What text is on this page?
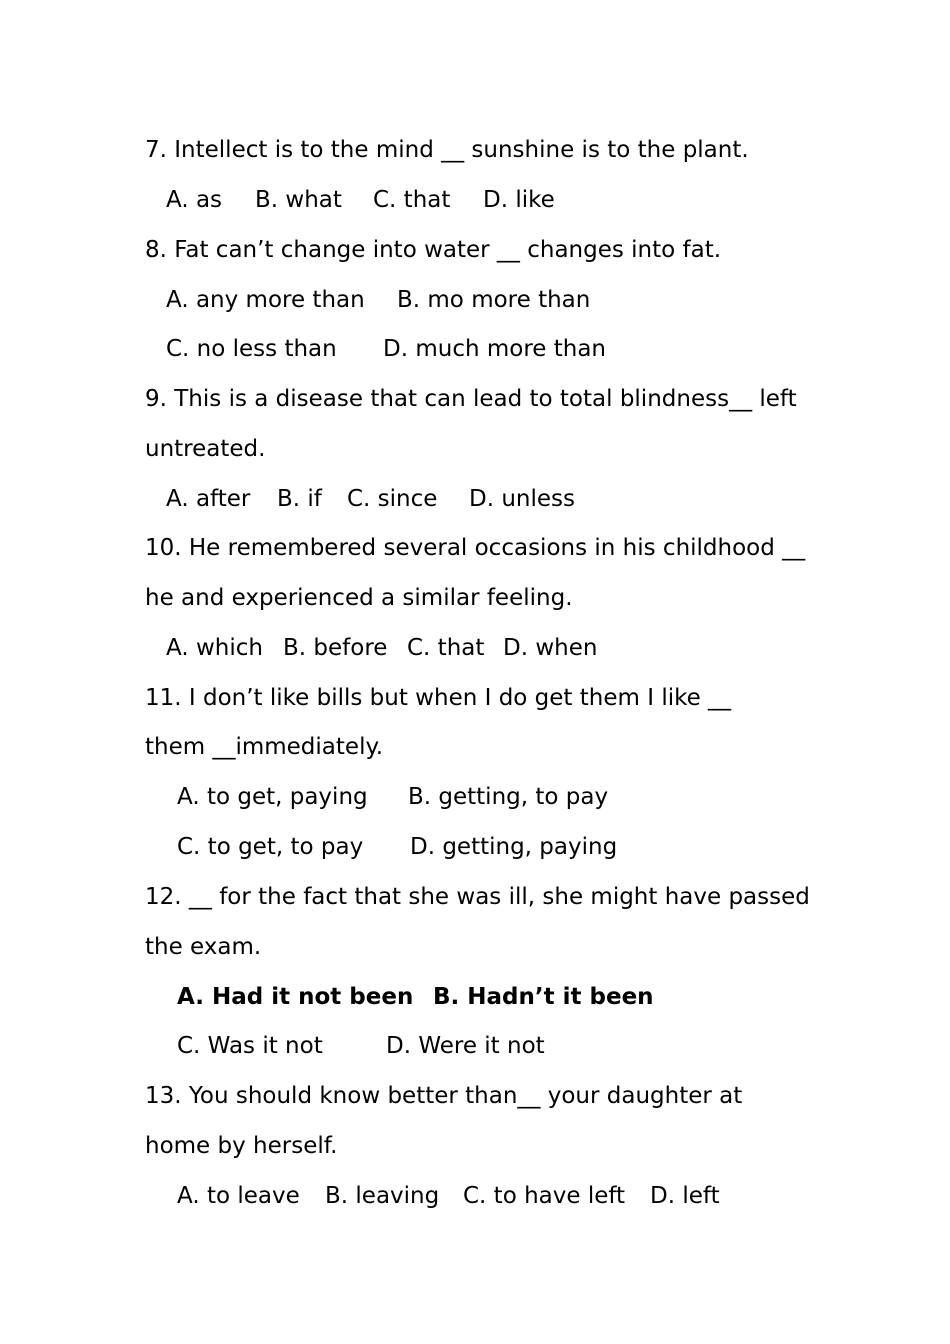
7. Intellect is to the mind __ sunshine is to the plant.
A. as B. what C. that D. like
8. Fat can’t change into water __ changes into fat.
A. any more than B. mo more than
C. no less than D. much more than
9. This is a disease that can lead to total blindness__ left
untreated.
A. after B. if C. since D. unless
10. He remembered several occasions in his childhood __
he and experienced a similar feeling.
A. which B. before C. that D. when
11. I don’t like bills but when I do get them I like __
them __immediately.
A. to get, paying B. getting, to pay
C. to get, to pay D. getting, paying
12. __ for the fact that she was ill, she might have passed
the exam.
A. Had it not been B. Hadn’t it been
C. Was it not	D. Were it not
13. You should know better than__ your daughter at
home by herself.
A. to leave B. leaving C. to have left D. left
